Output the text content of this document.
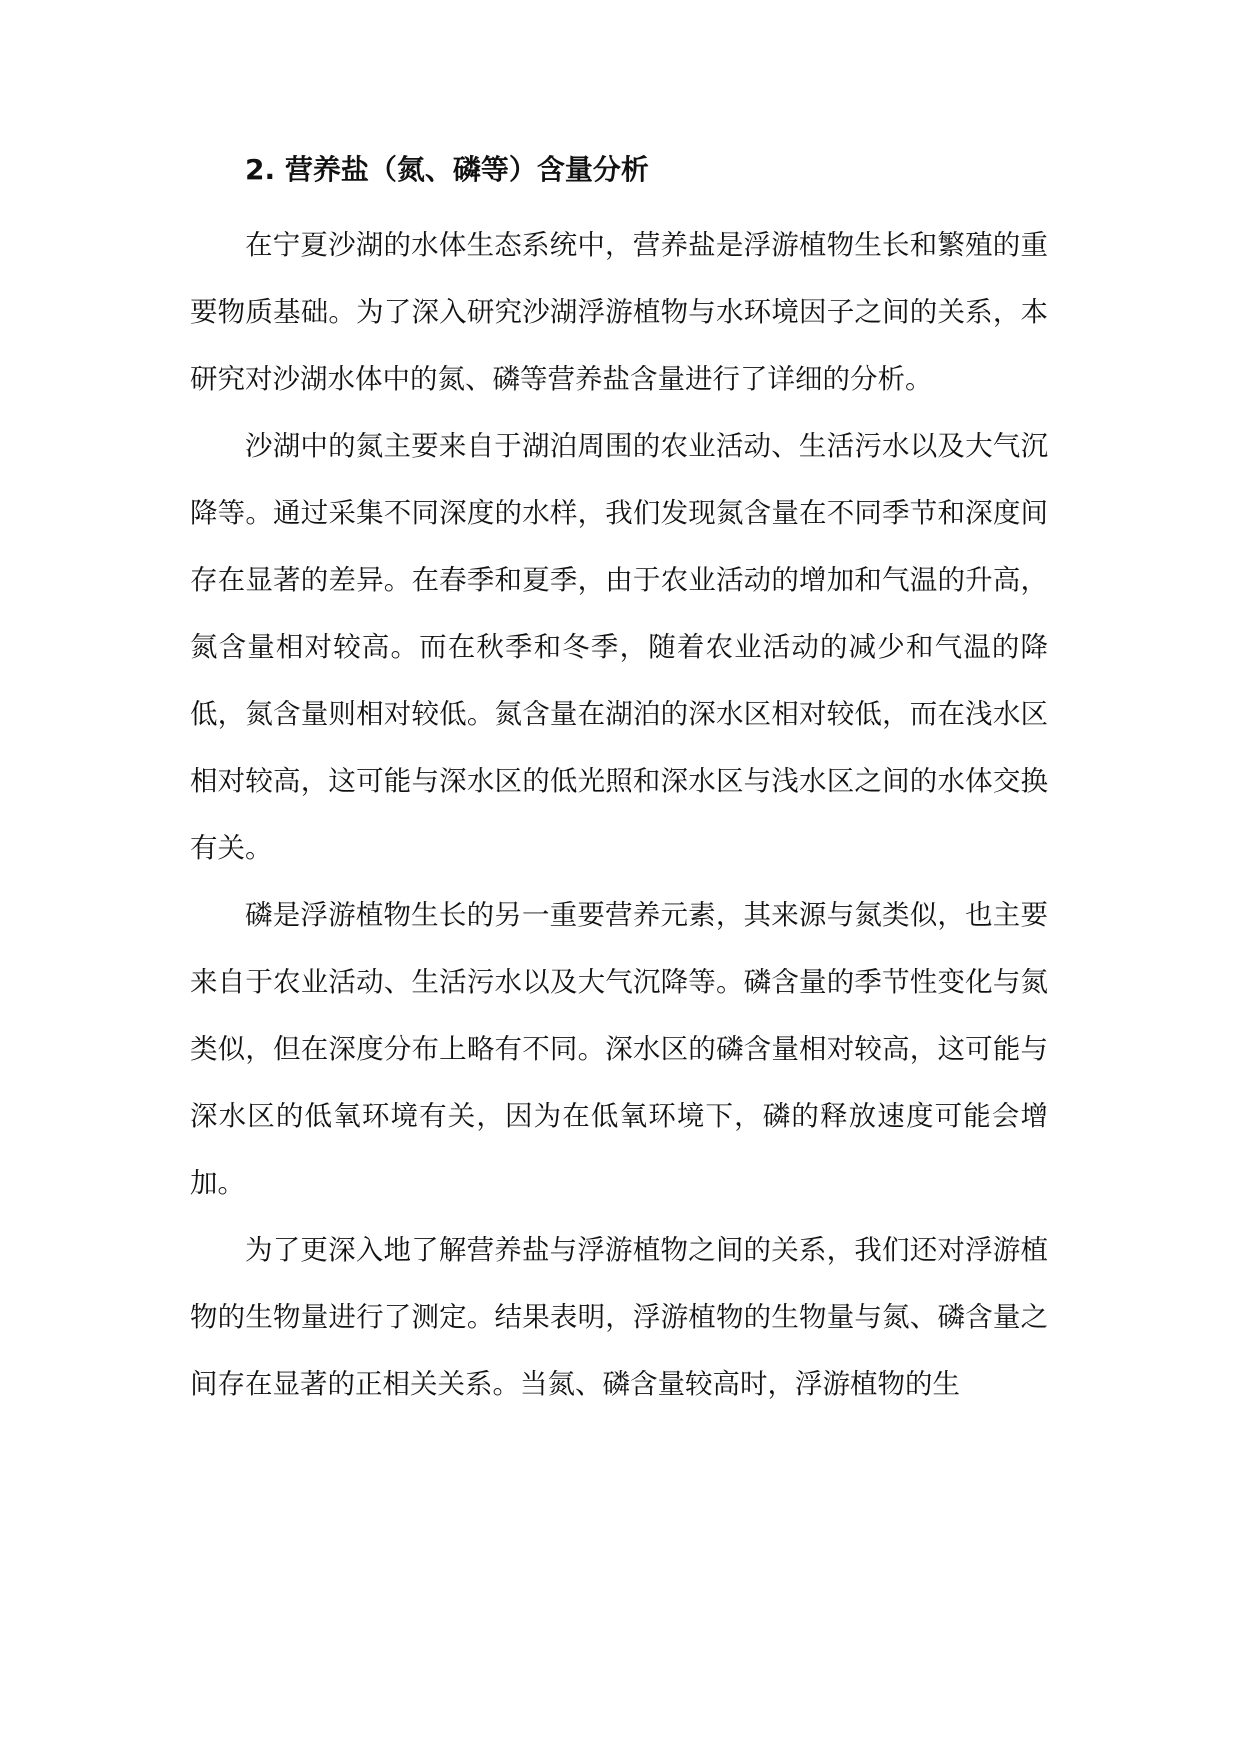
2. 营养盐（氮、磷等）含量分析

在宁夏沙湖的水体生态系统中，营养盐是浮游植物生长和繁殖的重要物质基础。为了深入研究沙湖浮游植物与水环境因子之间的关系，本研究对沙湖水体中的氮、磷等营养盐含量进行了详细的分析。

沙湖中的氮主要来自于湖泊周围的农业活动、生活污水以及大气沉降等。通过采集不同深度的水样，我们发现氮含量在不同季节和深度间存在显著的差异。在春季和夏季，由于农业活动的增加和气温的升高，氮含量相对较高。而在秋季和冬季，随着农业活动的减少和气温的降低，氮含量则相对较低。氮含量在湖泊的深水区相对较低，而在浅水区相对较高，这可能与深水区的低光照和深水区与浅水区之间的水体交换有关。

磷是浮游植物生长的另一重要营养元素，其来源与氮类似，也主要来自于农业活动、生活污水以及大气沉降等。磷含量的季节性变化与氮类似，但在深度分布上略有不同。深水区的磷含量相对较高，这可能与深水区的低氧环境有关，因为在低氧环境下，磷的释放速度可能会增加。

为了更深入地了解营养盐与浮游植物之间的关系，我们还对浮游植物的生物量进行了测定。结果表明，浮游植物的生物量与氮、磷含量之间存在显著的正相关关系。当氮、磷含量较高时，浮游植物的生
